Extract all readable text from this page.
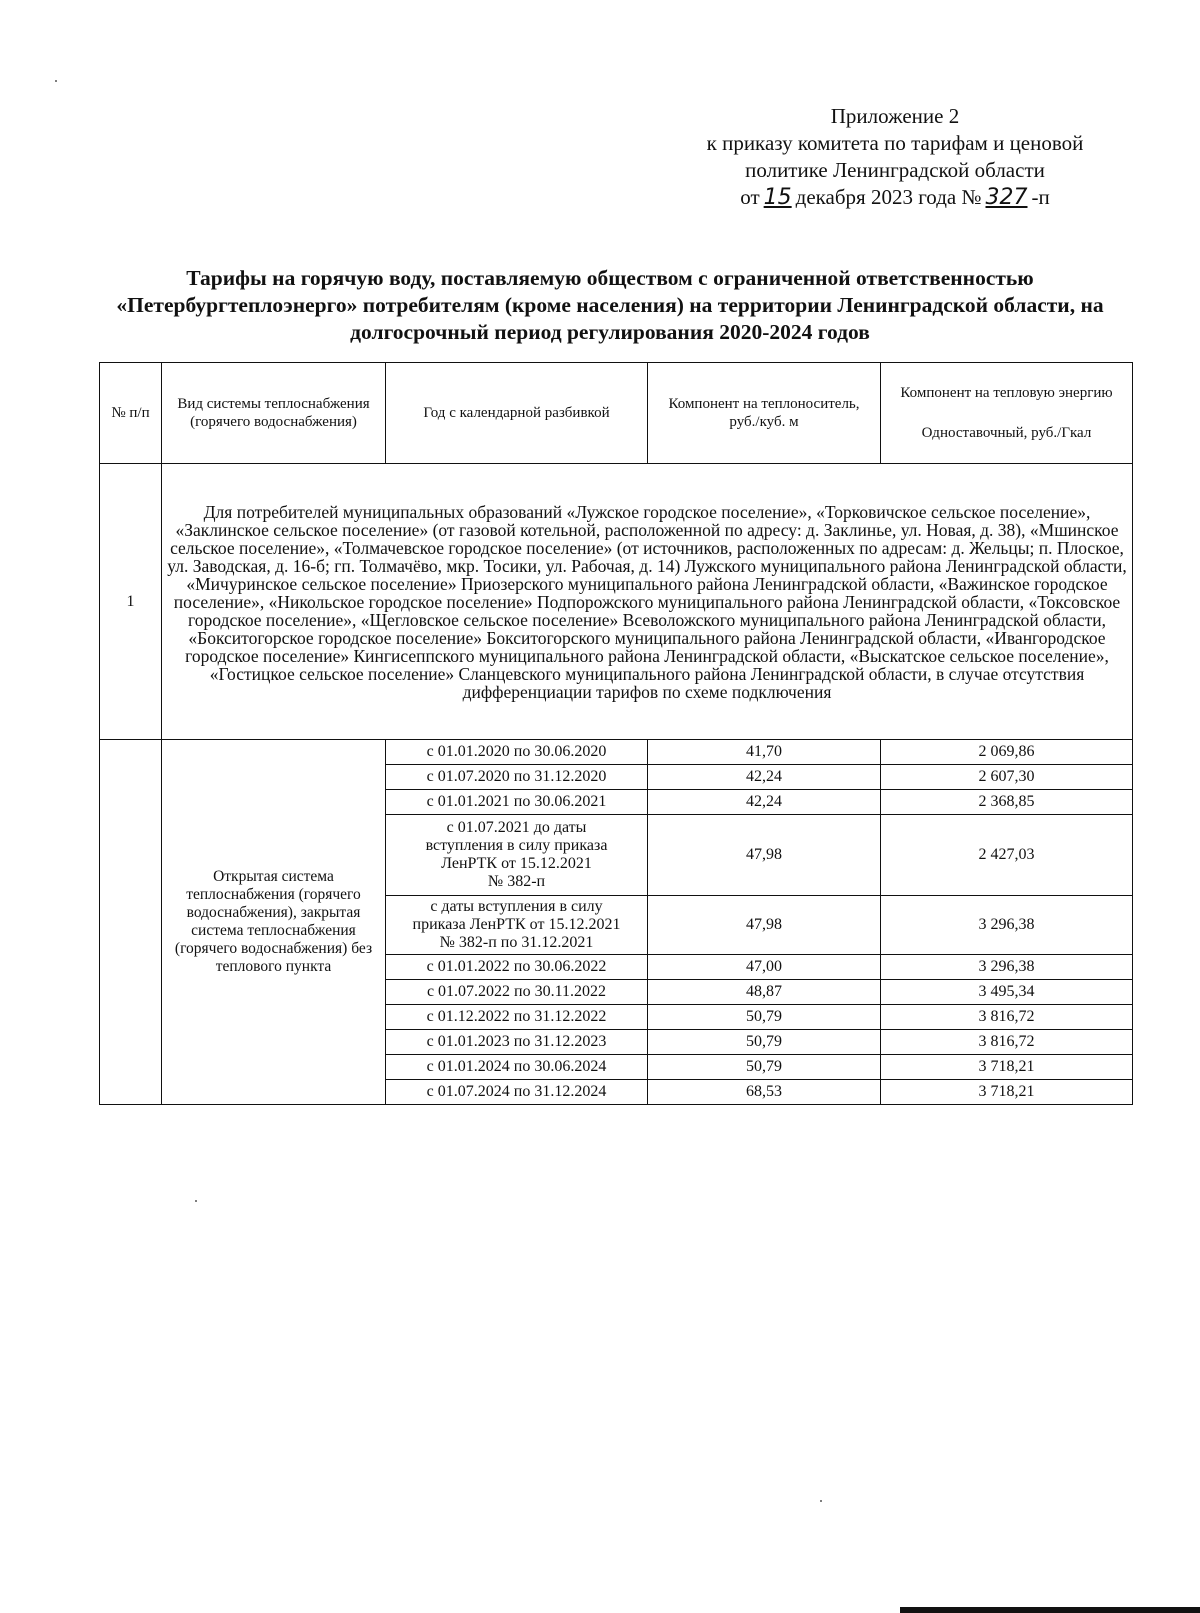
Приложение 2
к приказу комитета по тарифам и ценовой
политике Ленинградской области
от 15 декабря 2023 года № 327 -п
Тарифы на горячую воду, поставляемую обществом с ограниченной ответственностью «Петербургтеплоэнерго» потребителям (кроме населения) на территории Ленинградской области, на долгосрочный период регулирования 2020-2024 годов
№ п/п	Вид системы теплоснабжения (горячего водоснабжения)	Год с календарной разбивкой	Компонент на теплоноситель, руб./куб. м	Компонент на тепловую энергию
Одноставочный, руб./Гкал
1	Для потребителей муниципальных образований «Лужское городское поселение», «Торковичское сельское поселение», «Заклинское сельское поселение» (от газовой котельной, расположенной по адресу: д. Заклинье, ул. Новая, д. 38), «Мшинское сельское поселение», «Толмачевское городское поселение» (от источников, расположенных по адресам: д. Жельцы; п. Плоское, ул. Заводская, д. 16-б; гп. Толмачёво, мкр. Тосики, ул. Рабочая, д. 14) Лужского муниципального района Ленинградской области, «Мичуринское сельское поселение» Приозерского муниципального района Ленинградской области, «Важинское городское поселение», «Никольское городское поселение» Подпорожского муниципального района Ленинградской области, «Токсовское городское поселение», «Щегловское сельское поселение» Всеволожского муниципального района Ленинградской области, «Бокситогорское городское поселение» Бокситогорского муниципального района Ленинградской области, «Ивангородское городское поселение» Кингисеппского муниципального района Ленинградской области, «Выскатское сельское поселение», «Гостицкое сельское поселение» Сланцевского муниципального района Ленинградской области, в случае отсутствия дифференциации тарифов по схеме подключения			
	Открытая система теплоснабжения (горячего водоснабжения), закрытая система теплоснабжения (горячего водоснабжения) без теплового пункта	с 01.01.2020 по 30.06.2020	41,70	2 069,86
		с 01.07.2020 по 31.12.2020	42,24	2 607,30
		с 01.01.2021 по 30.06.2021	42,24	2 368,85

		с 01.07.2021 до даты
вступления в силу приказа
ЛенРТК от 15.12.2021
№ 382-п	47,98	2 427,03

		с даты вступления в силу
приказа ЛенРТК от 15.12.2021
№ 382-п по 31.12.2021	47,98	3 296,38
		с 01.01.2022 по 30.06.2022	47,00	3 296,38
		с 01.07.2022 по 30.11.2022	48,87	3 495,34
		с 01.12.2022 по 31.12.2022	50,79	3 816,72
		с 01.01.2023 по 31.12.2023	50,79	3 816,72
		с 01.01.2024 по 30.06.2024	50,79	3 718,21
		с 01.07.2024 по 31.12.2024	68,53	3 718,21
